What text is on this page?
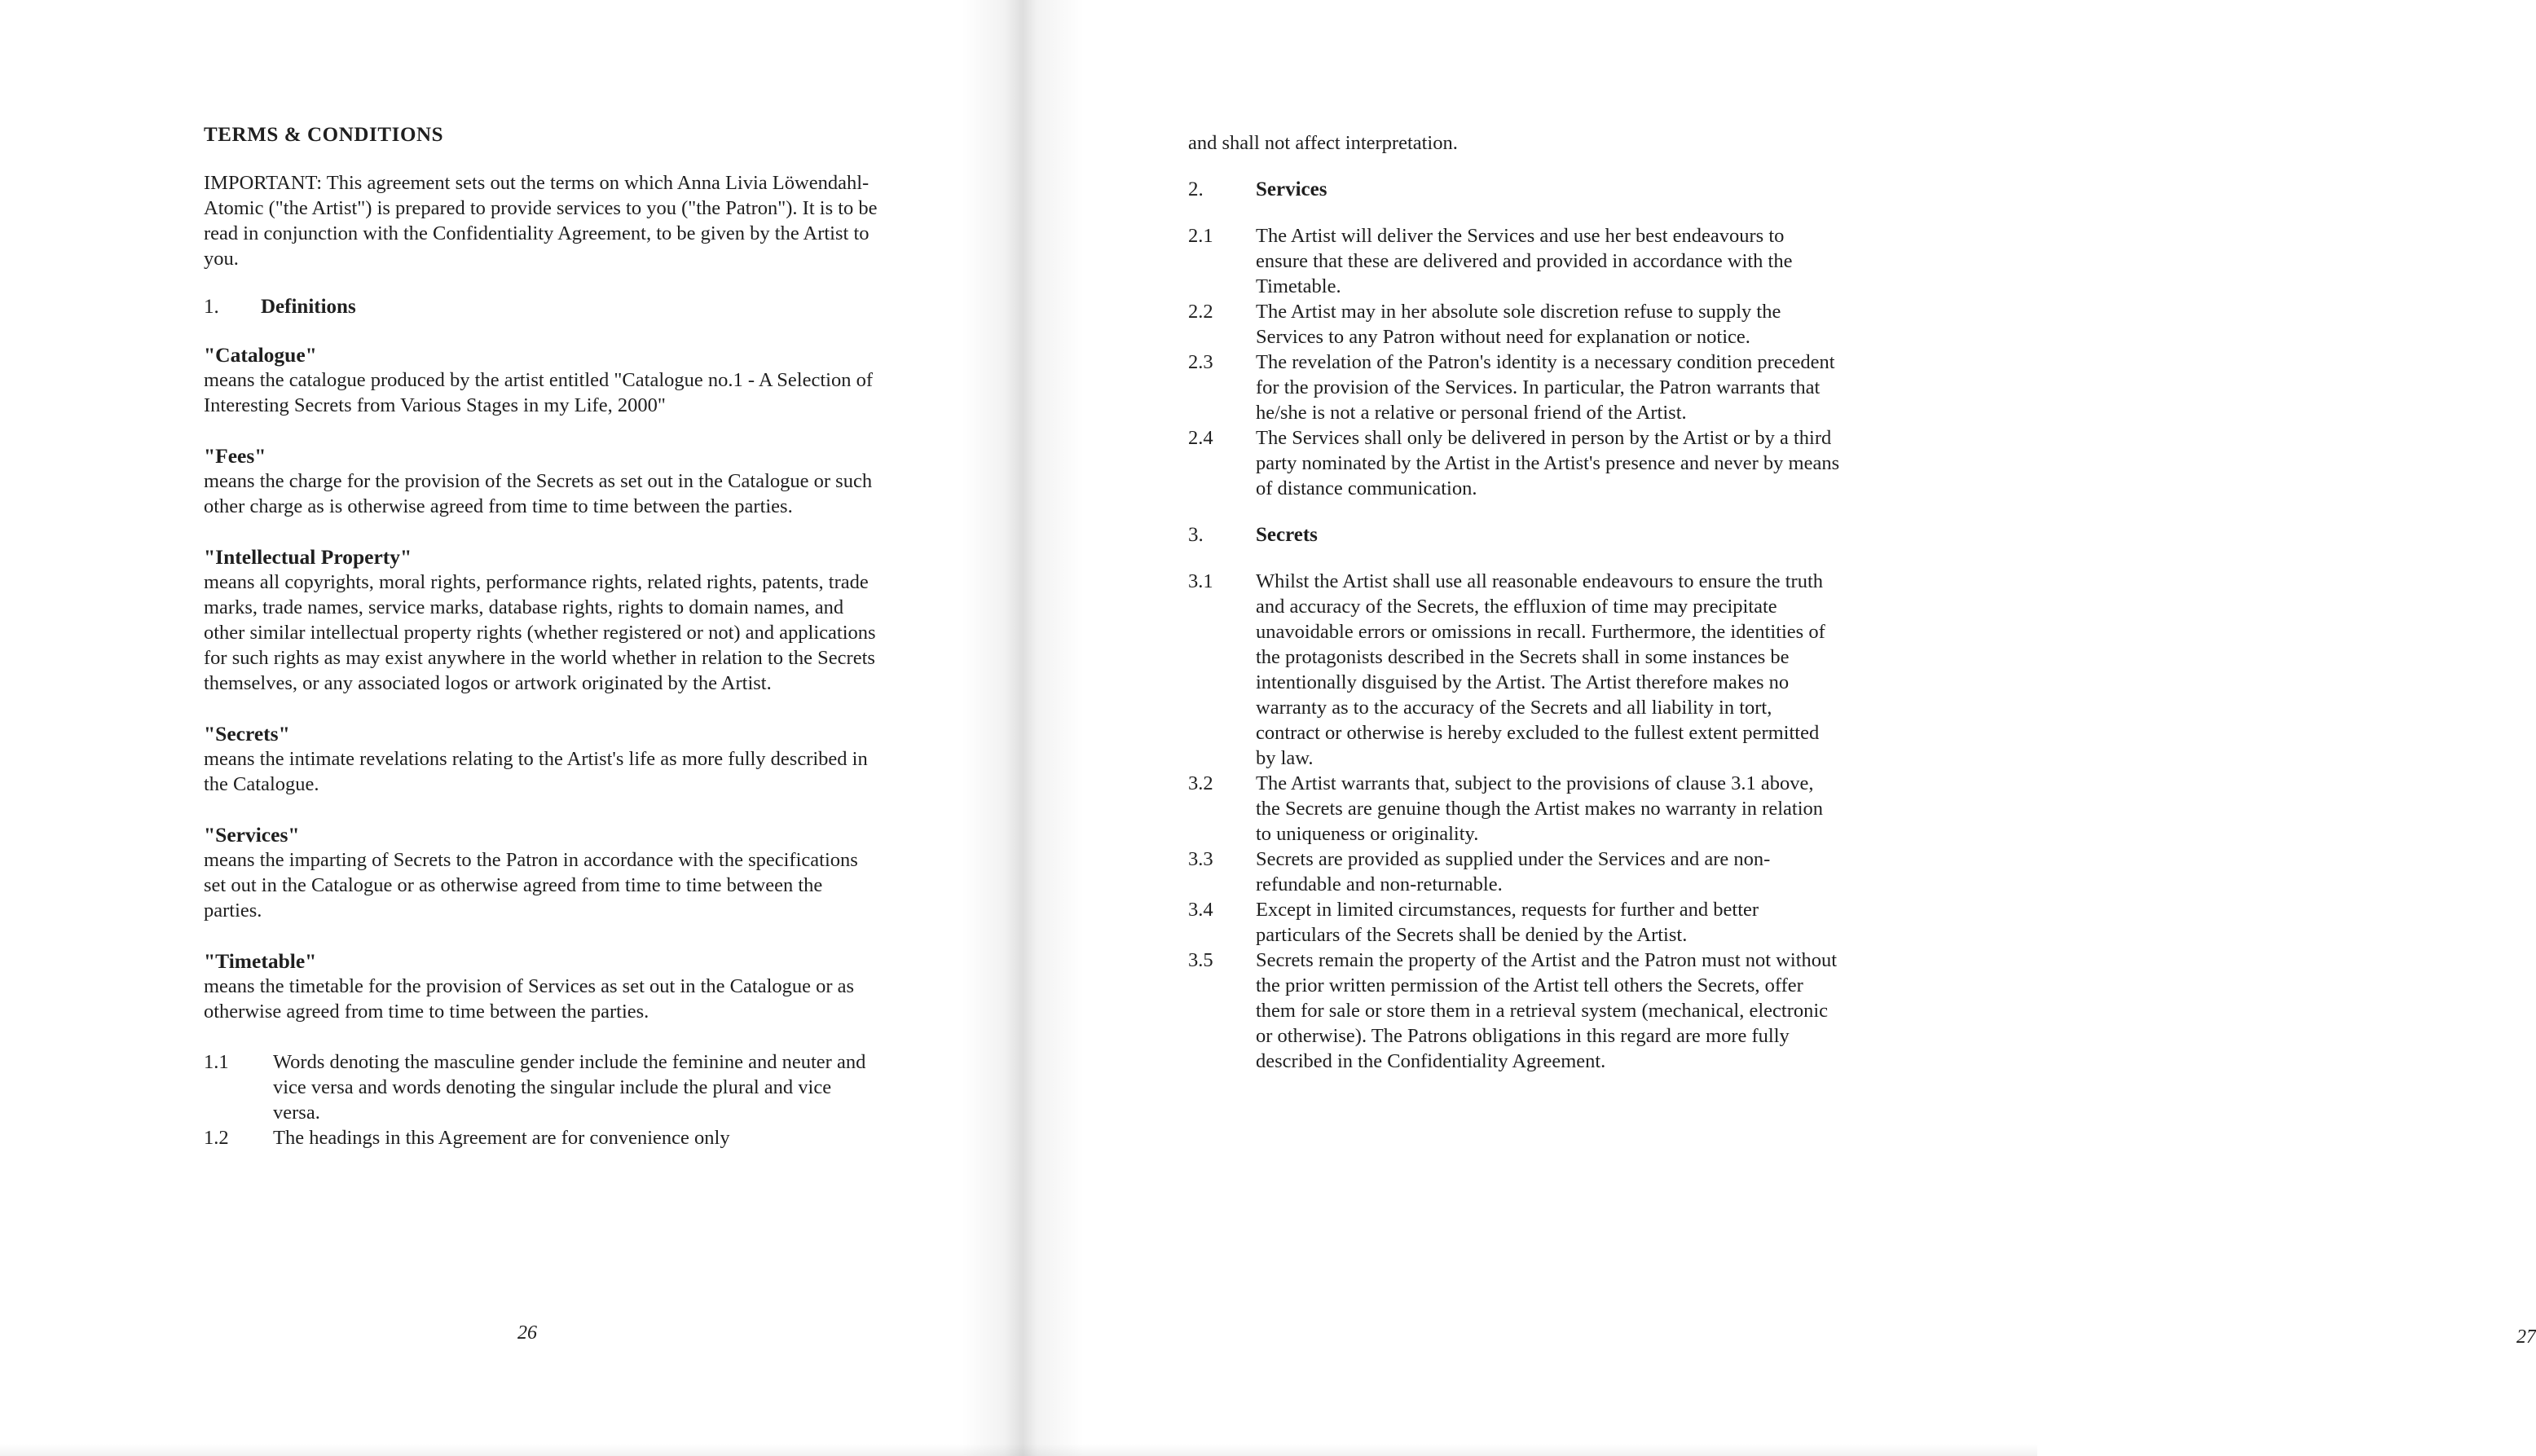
TERMS & CONDITIONS

IMPORTANT: This agreement sets out the terms on which Anna Livia Löwendahl-Atomic ("the Artist") is prepared to provide services to you ("the Patron"). It is to be read in conjunction with the Confidentiality Agreement, to be given by the Artist to you.

1.	Definitions

"Catalogue"

means the catalogue produced by the artist entitled "Catalogue no.1 - A Selection of Interesting Secrets from Various Stages in my Life, 2000"

"Fees"

means the charge for the provision of the Secrets as set out in the Catalogue or such other charge as is otherwise agreed from time to time between the parties.

"Intellectual Property"

means all copyrights, moral rights, performance rights, related rights, patents, trade marks, trade names, service marks, database rights, rights to domain names, and other similar intellectual property rights (whether registered or not) and applications for such rights as may exist anywhere in the world whether in relation to the Secrets themselves, or any associated logos or artwork originated by the Artist.

"Secrets"

means the intimate revelations relating to the Artist's life as more fully described in the Catalogue.

"Services"

means the imparting of Secrets to the Patron in accordance with the specifications set out in the Catalogue or as otherwise agreed from time to time between the parties.

"Timetable"

means the timetable for the provision of Services as set out in the Catalogue or as otherwise agreed from time to time between the parties.

1.1	Words denoting the masculine gender include the feminine and neuter and vice versa and words denoting the singular include the plural and vice versa.
1.2	The headings in this Agreement are for convenience only
26	27

and shall not affect interpretation.

2.	Services
2.1	The Artist will deliver the Services and use her best endeavours to ensure that these are delivered and provided in accordance with the Timetable.
2.2	The Artist may in her absolute sole discretion refuse to supply the Services to any Patron without need for explanation or notice.
2.3	The revelation of the Patron's identity is a necessary condition precedent for the provision of the Services. In particular, the Patron warrants that he/she is not a relative or personal friend of the Artist.
2.4	The Services shall only be delivered in person by the Artist or by a third party nominated by the Artist in the Artist's presence and never by means of distance communication.
3.	Secrets
3.1	Whilst the Artist shall use all reasonable endeavours to ensure the truth and accuracy of the Secrets, the effluxion of time may precipitate unavoidable errors or omissions in recall. Furthermore, the identities of the protagonists described in the Secrets shall in some instances be intentionally disguised by the Artist. The Artist therefore makes no warranty as to the accuracy of the Secrets and all liability in tort, contract or otherwise is hereby excluded to the fullest extent permitted by law.
3.2	The Artist warrants that, subject to the provisions of clause 3.1 above, the Secrets are genuine though the Artist makes no warranty in relation to uniqueness or originality.
3.3	Secrets are provided as supplied under the Services and are non-refundable and non-returnable.
3.4	Except in limited circumstances, requests for further and better particulars of the Secrets shall be denied by the Artist.
3.5	Secrets remain the property of the Artist and the Patron must not without the prior written permission of the Artist tell others the Secrets, offer them for sale or store them in a retrieval system (mechanical, electronic or otherwise). The Patrons obligations in this regard are more fully described in the Confidentiality Agreement.
